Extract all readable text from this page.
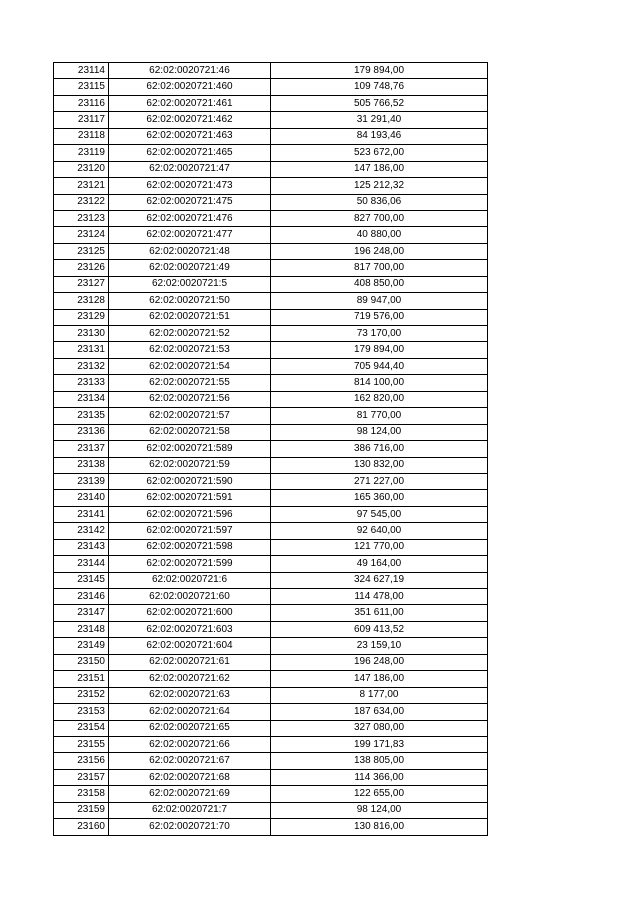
23114	62:02:0020721:46	179 894,00
23115	62:02:0020721:460	109 748,76
23116	62:02:0020721:461	505 766,52
23117	62:02:0020721:462	31 291,40
23118	62:02:0020721:463	84 193,46
23119	62:02:0020721:465	523 672,00
23120	62:02:0020721:47	147 186,00
23121	62:02:0020721:473	125 212,32
23122	62:02:0020721:475	50 836,06
23123	62:02:0020721:476	827 700,00
23124	62:02:0020721:477	40 880,00
23125	62:02:0020721:48	196 248,00
23126	62:02:0020721:49	817 700,00
23127	62:02:0020721:5	408 850,00
23128	62:02:0020721:50	89 947,00
23129	62:02:0020721:51	719 576,00
23130	62:02:0020721:52	73 170,00
23131	62:02:0020721:53	179 894,00
23132	62:02:0020721:54	705 944,40
23133	62:02:0020721:55	814 100,00
23134	62:02:0020721:56	162 820,00
23135	62:02:0020721:57	81 770,00
23136	62:02:0020721:58	98 124,00
23137	62:02:0020721:589	386 716,00
23138	62:02:0020721:59	130 832,00
23139	62:02:0020721:590	271 227,00
23140	62:02:0020721:591	165 360,00
23141	62:02:0020721:596	97 545,00
23142	62:02:0020721:597	92 640,00
23143	62:02:0020721:598	121 770,00
23144	62:02:0020721:599	49 164,00
23145	62:02:0020721:6	324 627,19
23146	62:02:0020721:60	114 478,00
23147	62:02:0020721:600	351 611,00
23148	62:02:0020721:603	609 413,52
23149	62:02:0020721:604	23 159,10
23150	62:02:0020721:61	196 248,00
23151	62:02:0020721:62	147 186,00
23152	62:02:0020721:63	8 177,00
23153	62:02:0020721:64	187 634,00
23154	62:02:0020721:65	327 080,00
23155	62:02:0020721:66	199 171,83
23156	62:02:0020721:67	138 805,00
23157	62:02:0020721:68	114 366,00
23158	62:02:0020721:69	122 655,00
23159	62:02:0020721:7	98 124,00
23160	62:02:0020721:70	130 816,00
